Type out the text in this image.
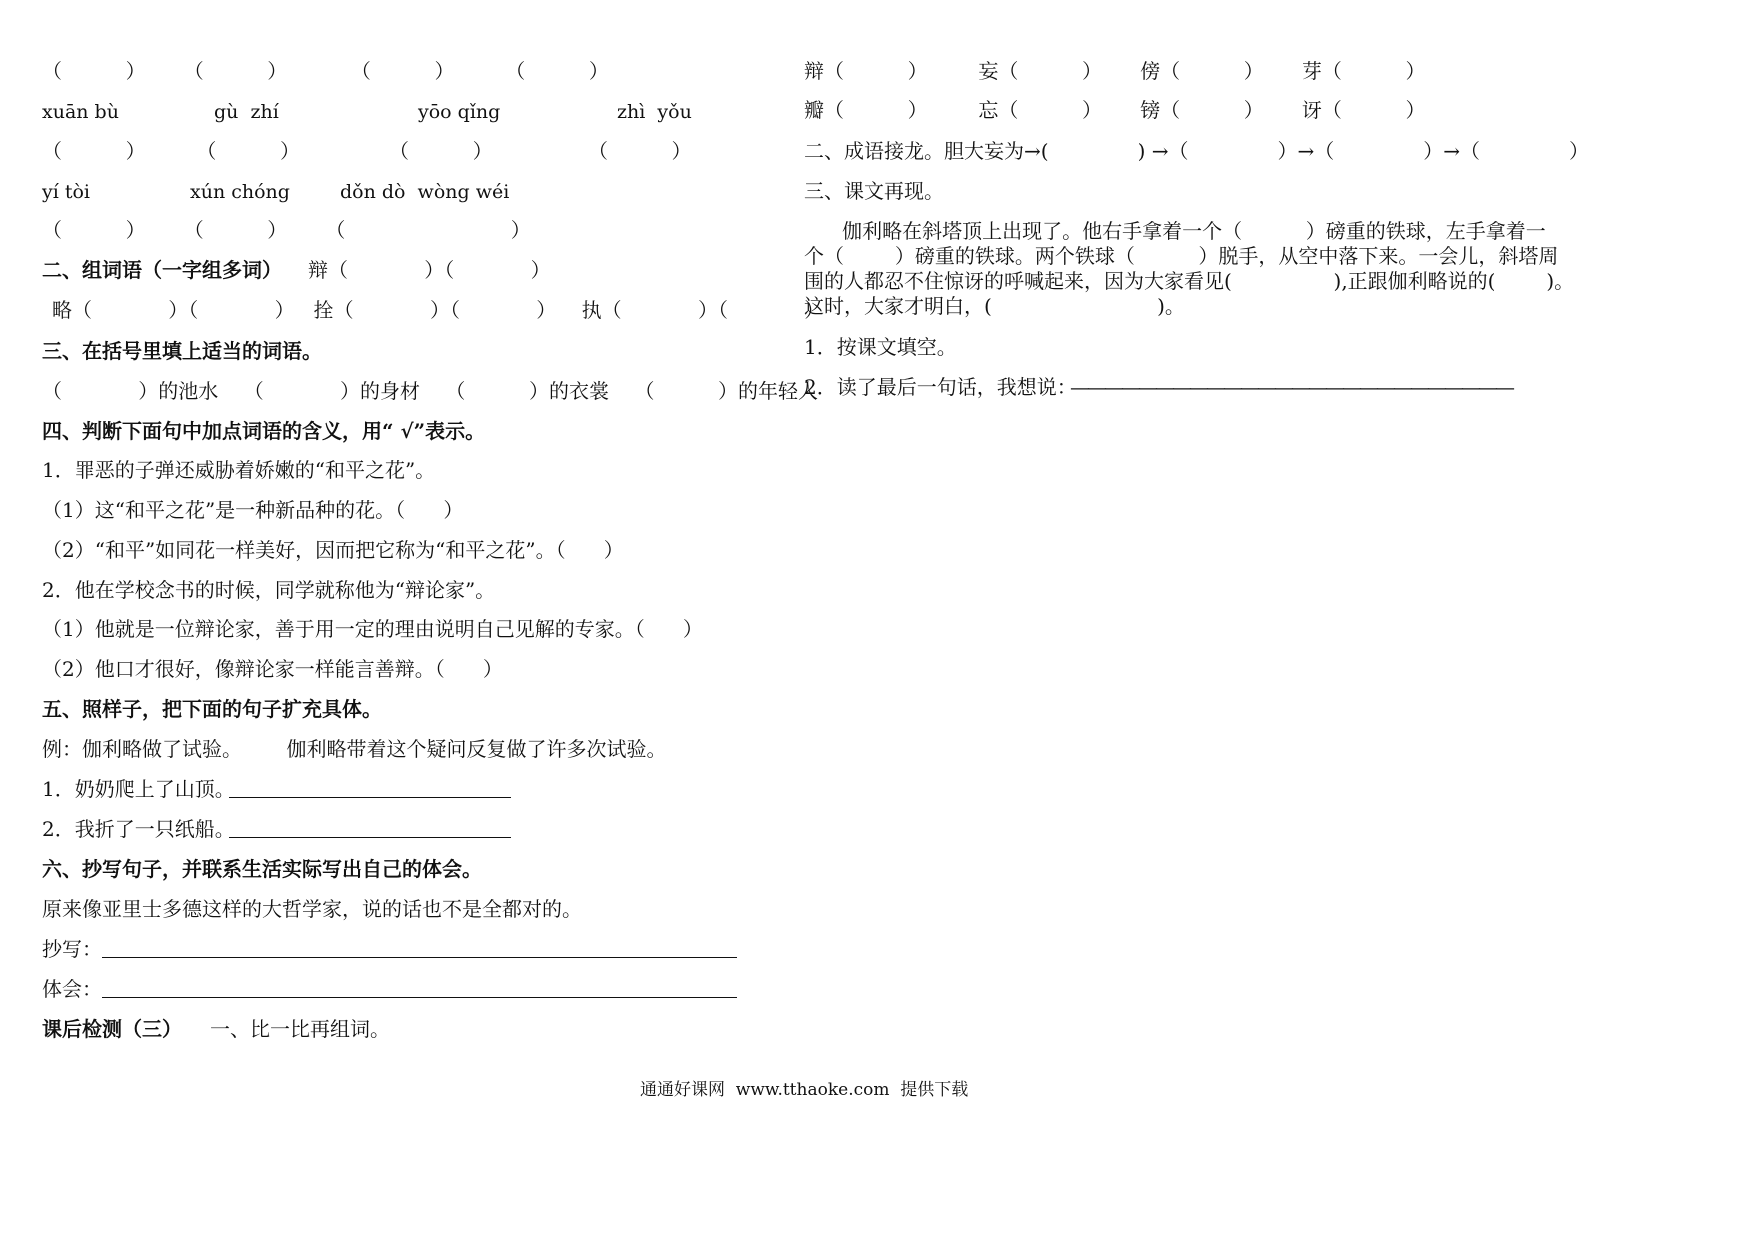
（          ）      （          ）          （          ）        （          ）
xuān bù	gù  zhí	yōo qǐng	zhì  yǒu
（          ）        （          ）              （          ）               （          ）
yí tòi	xún chóng	dǒn dò  wòng wéi
（          ）      （          ）      （                          ）
二、组词语（一字组多词） 辩（            ）（            ）
略（            ）（            ）   拴（            ）（            ）    执（            ）（            ）
三、在括号里填上适当的词语。
（            ）的池水    （            ）的身材    （          ）的衣裳    （          ）的年轻人
四、判断下面句中加点词语的含义，用“ √”表示。
1．罪恶的子弹还威胁着娇嫩的“和平之花”。
（1）这“和平之花”是一种新品种的花。（      ）
（2）“和平”如同花一样美好，因而把它称为“和平之花”。（      ）
2．他在学校念书的时候，同学就称他为“辩论家”。
（1）他就是一位辩论家，善于用一定的理由说明自己见解的专家。（      ）
（2）他口才很好，像辩论家一样能言善辩。（      ）
五、照样子，把下面的句子扩充具体。
例：伽利略做了试验。       伽利略带着这个疑问反复做了许多次试验。
1．奶奶爬上了山顶。
2．我折了一只纸船。
六、抄写句子，并联系生活实际写出自己的体会。
原来像亚里士多德这样的大哲学家，说的话也不是全都对的。
抄写：
体会：
课后检测（三） 一、比一比再组词。
辩（          ）        妄（          ）      傍（          ）      芽（          ）
瓣（          ）        忘（          ）      镑（          ）      讶（          ）
二、成语接龙。胆大妄为→(              ) →（              ）→（              ）→（              ）
三、课文再现。
伽利略在斜塔顶上出现了。他右手拿着一个（          ）磅重的铁球，左手拿着一
个（        ）磅重的铁球。两个铁球（          ）脱手，从空中落下来。一会儿，斜塔周
围的人都忍不住惊讶的呼喊起来，因为大家看见(                ),正跟伽利略说的(        )。
这时，大家才明白，(                          )。
1．按课文填空。
2．读了最后一句话，我想说：
——————————————————————————
通通好课网  www.tthaoke.com  提供下载
